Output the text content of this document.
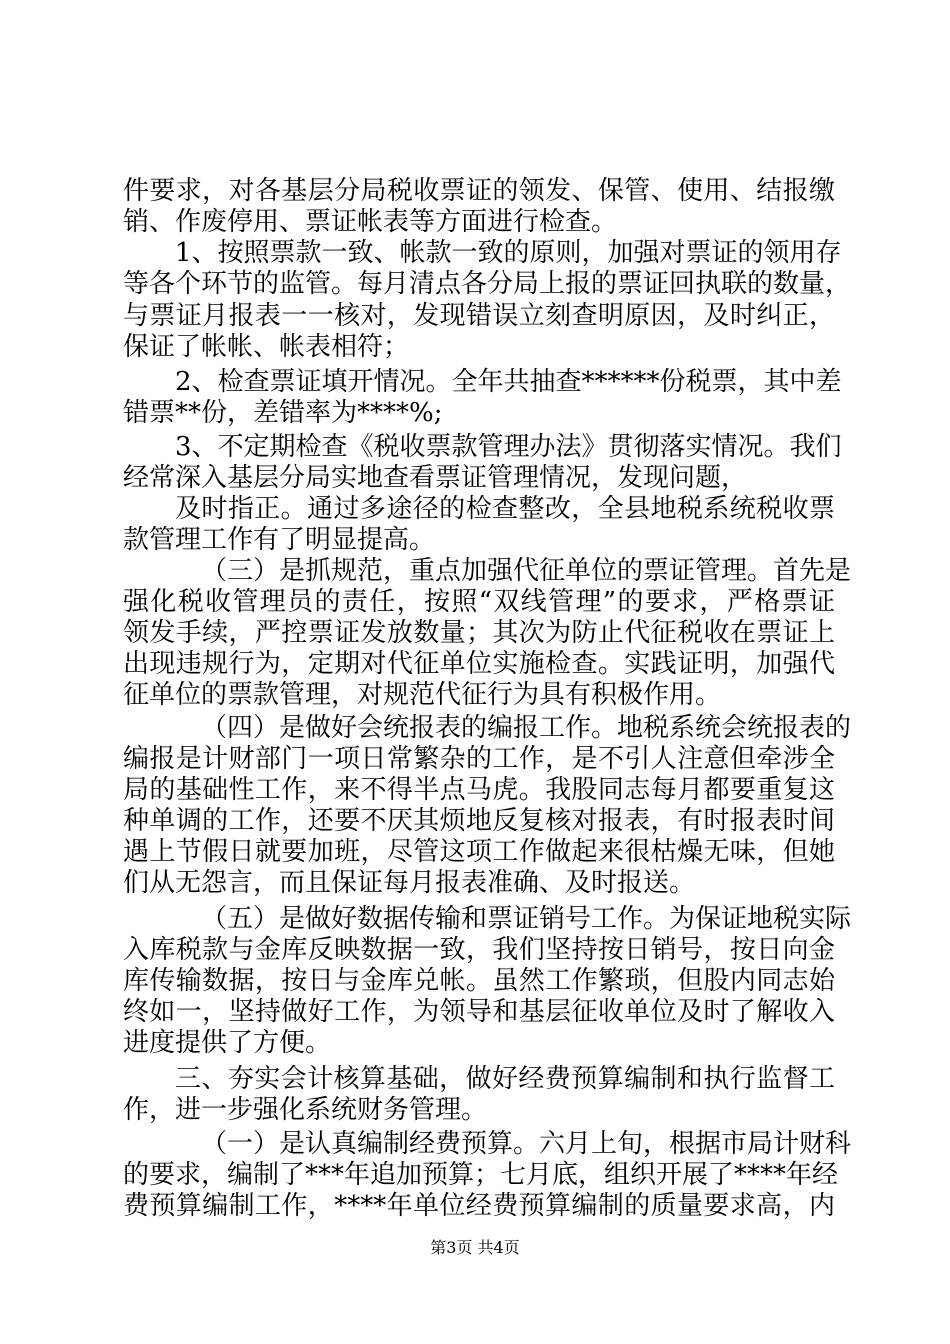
件要求，对各基层分局税收票证的领发、保管、使用、结报缴
销、作废停用、票证帐表等方面进行检查。
1、按照票款一致、帐款一致的原则，加强对票证的领用存
等各个环节的监管。每月清点各分局上报的票证回执联的数量，
与票证月报表一一核对，发现错误立刻查明原因，及时纠正，
保证了帐帐、帐表相符；
2、检查票证填开情况。全年共抽查******份税票，其中差
错票**份，差错率为****%;
3、不定期检查《税收票款管理办法》贯彻落实情况。我们
经常深入基层分局实地查看票证管理情况，发现问题，
及时指正。通过多途径的检查整改，全县地税系统税收票
款管理工作有了明显提高。
（三）是抓规范，重点加强代征单位的票证管理。首先是
强化税收管理员的责任，按照“双线管理”的要求，严格票证
领发手续，严控票证发放数量；其次为防止代征税收在票证上
出现违规行为，定期对代征单位实施检查。实践证明，加强代
征单位的票款管理，对规范代征行为具有积极作用。
（四）是做好会统报表的编报工作。地税系统会统报表的
编报是计财部门一项日常繁杂的工作，是不引人注意但牵涉全
局的基础性工作，来不得半点马虎。我股同志每月都要重复这
种单调的工作，还要不厌其烦地反复核对报表，有时报表时间
遇上节假日就要加班，尽管这项工作做起来很枯燥无味，但她
们从无怨言，而且保证每月报表准确、及时报送。
（五）是做好数据传输和票证销号工作。为保证地税实际
入库税款与金库反映数据一致，我们坚持按日销号，按日向金
库传输数据，按日与金库兑帐。虽然工作繁琐，但股内同志始
终如一，坚持做好工作，为领导和基层征收单位及时了解收入
进度提供了方便。
三、夯实会计核算基础，做好经费预算编制和执行监督工
作，进一步强化系统财务管理。
（一）是认真编制经费预算。六月上旬，根据市局计财科
的要求，编制了***年追加预算；七月底，组织开展了****年经
费预算编制工作，****年单位经费预算编制的质量要求高，内
第3页 共4页
